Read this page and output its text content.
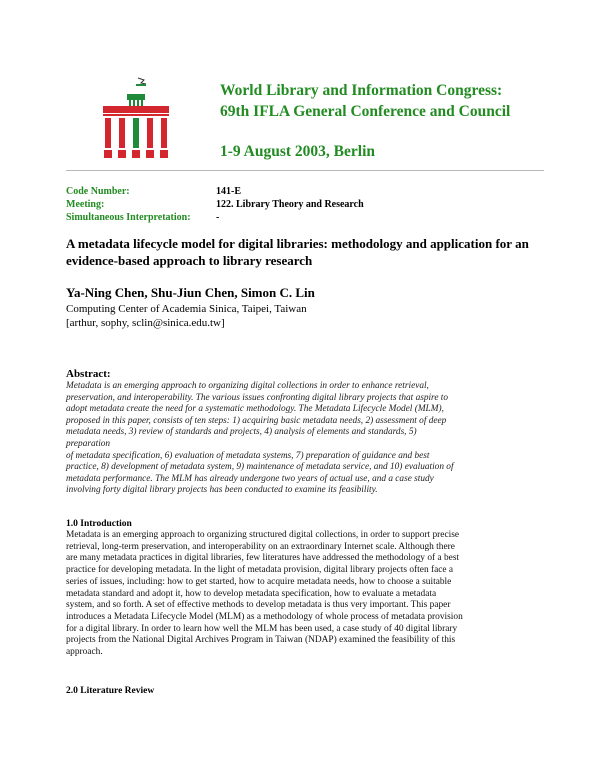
World Library and Information Congress:
69th IFLA General Conference and Council
1-9 August 2003, Berlin
Code Number:	141-E
Meeting:	122. Library Theory and Research
Simultaneous Interpretation:	-
A metadata lifecycle model for digital libraries: methodology and application for an evidence-based approach to library research
Ya-Ning Chen, Shu-Jiun Chen, Simon C. Lin
Computing Center of Academia Sinica, Taipei, Taiwan
[arthur, sophy, sclin@sinica.edu.tw]
Abstract:
Metadata is an emerging approach to organizing digital collections in order to enhance retrieval,
preservation, and interoperability. The various issues confronting digital library projects that aspire to
adopt metadata create the need for a systematic methodology. The Metadata Lifecycle Model (MLM),
proposed in this paper, consists of ten steps: 1) acquiring basic metadata needs, 2) assessment of deep
metadata needs, 3) review of standards and projects, 4) analysis of elements and standards, 5)
preparation
of metadata specification, 6) evaluation of metadata systems, 7) preparation of guidance and best
practice, 8) development of metadata system, 9) maintenance of metadata service, and 10) evaluation of
metadata performance. The MLM has already undergone two years of actual use, and a case study
involving forty digital library projects has been conducted to examine its feasibility.
1.0 Introduction
Metadata is an emerging approach to organizing structured digital collections, in order to support precise
retrieval, long-term preservation, and interoperability on an extraordinary Internet scale. Although there
are many metadata practices in digital libraries, few literatures have addressed the methodology of a best
practice for developing metadata. In the light of metadata provision, digital library projects often face a
series of issues, including: how to get started, how to acquire metadata needs, how to choose a suitable
metadata standard and adopt it, how to develop metadata specification, how to evaluate a metadata
system, and so forth. A set of effective methods to develop metadata is thus very important. This paper
introduces a Metadata Lifecycle Model (MLM) as a methodology of whole process of metadata provision
for a digital library. In order to learn how well the MLM has been used, a case study of 40 digital library
projects from the National Digital Archives Program in Taiwan (NDAP) examined the feasibility of this
approach.
2.0 Literature Review
